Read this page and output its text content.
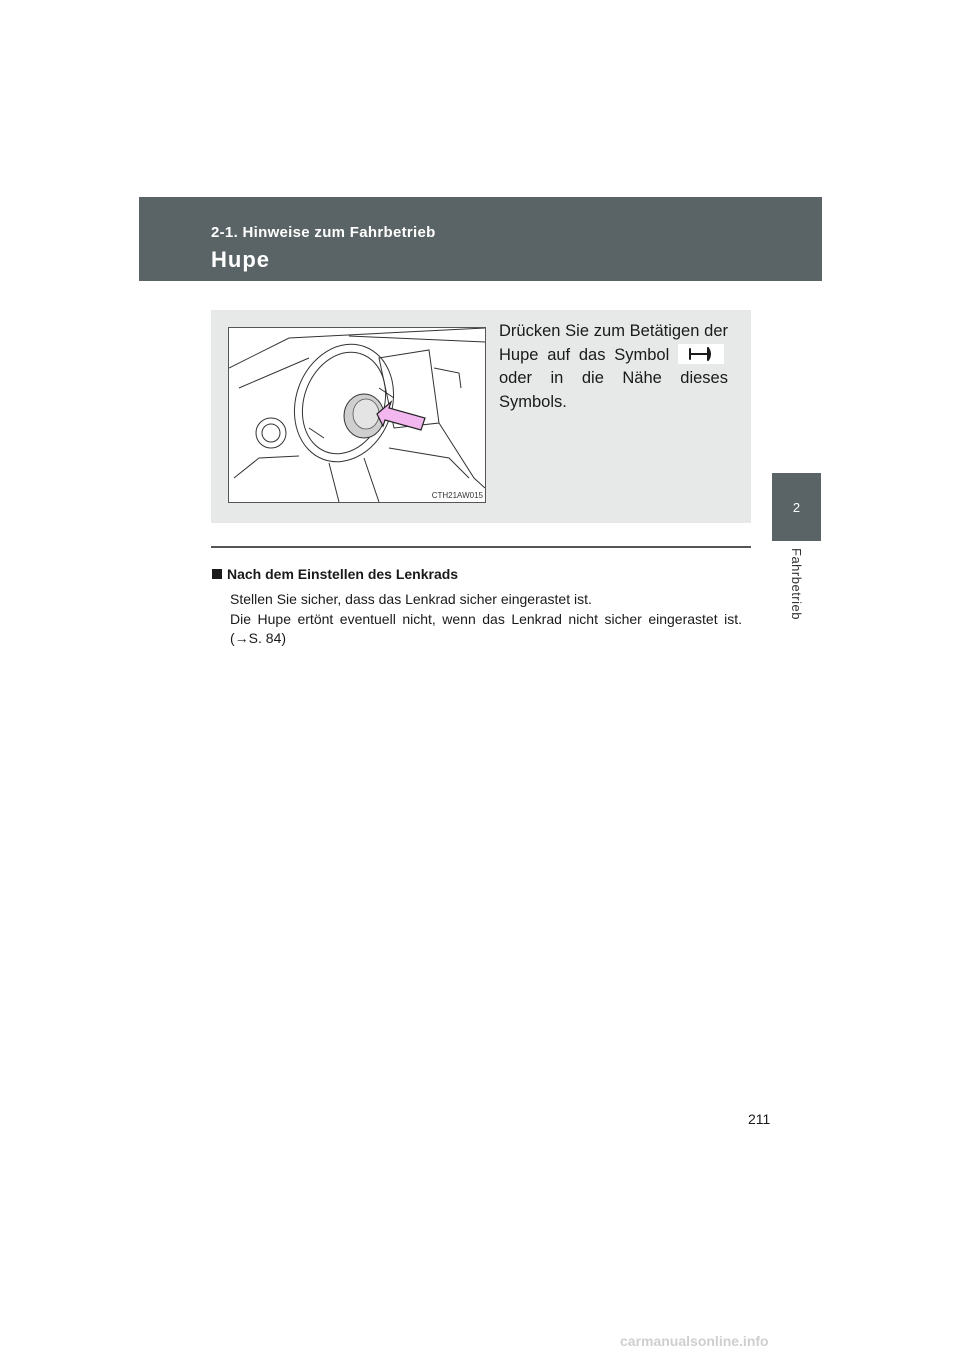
2-1. Hinweise zum Fahrbetrieb
Hupe
2
Fahrbetrieb
CTH21AW015
Drücken Sie zum Betätigen der Hupe auf das Symbol  oder in die Nähe dieses Symbols.
Nach dem Einstellen des Lenkrads

Stellen Sie sicher, dass das Lenkrad sicher eingerastet ist.

Die Hupe ertönt eventuell nicht, wenn das Lenkrad nicht sicher eingerastet ist. (→S. 84)

211
carmanualsonline.info
